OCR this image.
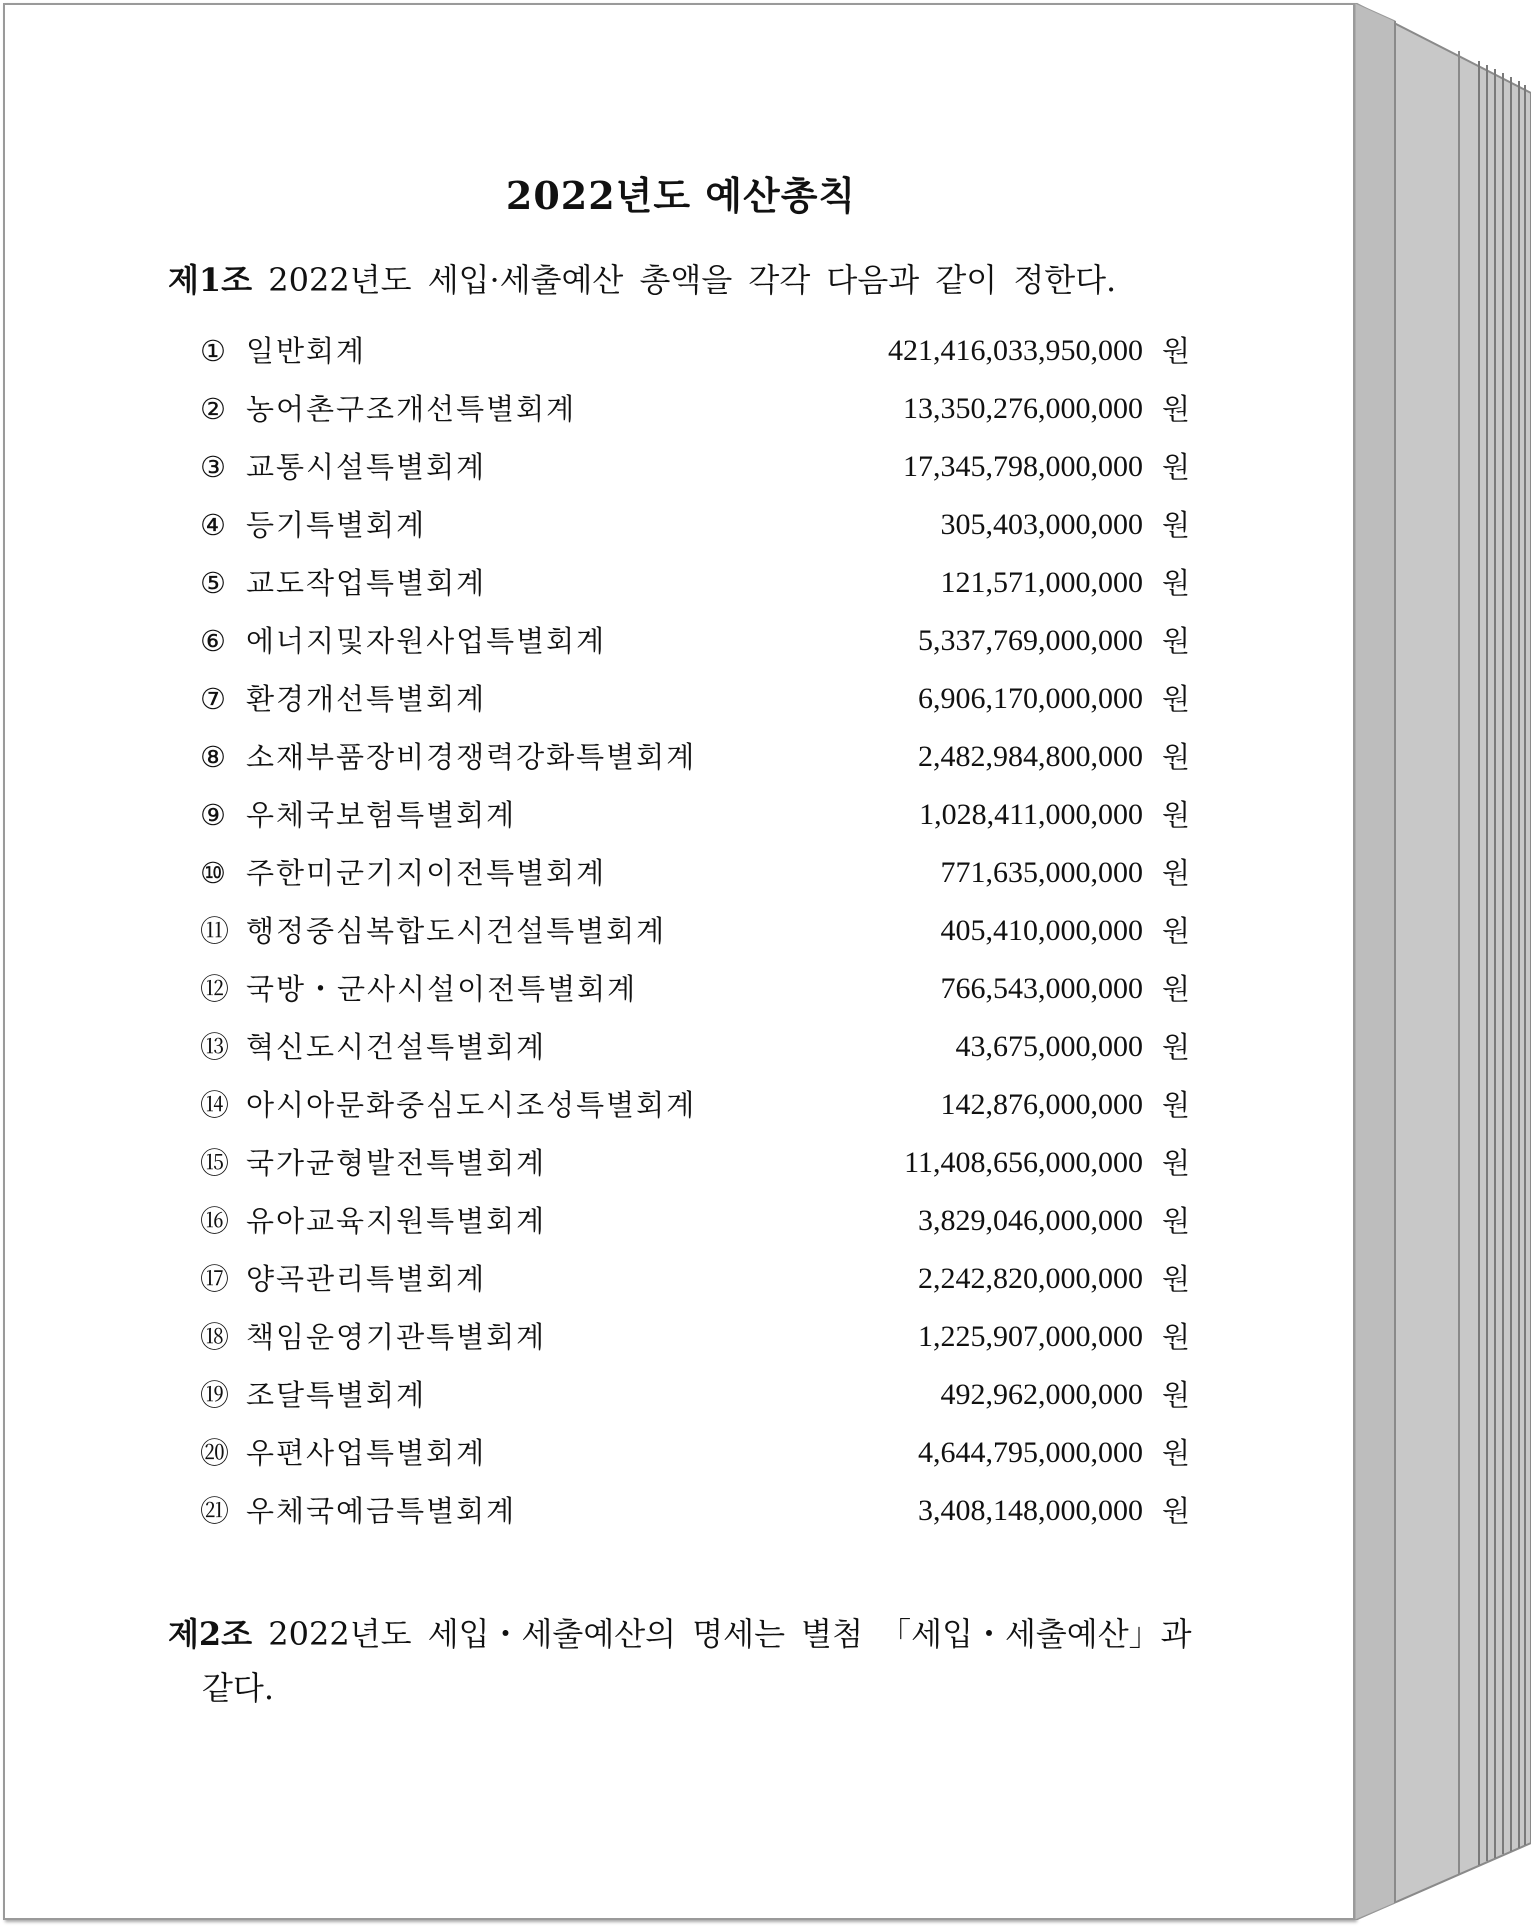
2022년도 예산총칙
제1조 2022년도 세입·세출예산 총액을 각각 다음과 같이 정한다.
① 일반회계	421,416,033,950,000 원
② 농어촌구조개선특별회계	13,350,276,000,000 원
③ 교통시설특별회계	17,345,798,000,000 원
④ 등기특별회계	305,403,000,000 원
⑤ 교도작업특별회계	121,571,000,000 원
⑥ 에너지및자원사업특별회계	5,337,769,000,000 원
⑦ 환경개선특별회계	6,906,170,000,000 원
⑧ 소재부품장비경쟁력강화특별회계	2,482,984,800,000 원
⑨ 우체국보험특별회계	1,028,411,000,000 원
⑩ 주한미군기지이전특별회계	771,635,000,000 원
⑪ 행정중심복합도시건설특별회계	405,410,000,000 원
⑫ 국방・군사시설이전특별회계	766,543,000,000 원
⑬ 혁신도시건설특별회계	43,675,000,000 원
⑭ 아시아문화중심도시조성특별회계	142,876,000,000 원
⑮ 국가균형발전특별회계	11,408,656,000,000 원
⑯ 유아교육지원특별회계	3,829,046,000,000 원
⑰ 양곡관리특별회계	2,242,820,000,000 원
⑱ 책임운영기관특별회계	1,225,907,000,000 원
⑲ 조달특별회계	492,962,000,000 원
⑳ 우편사업특별회계	4,644,795,000,000 원
㉑ 우체국예금특별회계	3,408,148,000,000 원
제2조 2022년도 세입・세출예산의 명세는 별첨 「세입・세출예산」과
같다.
